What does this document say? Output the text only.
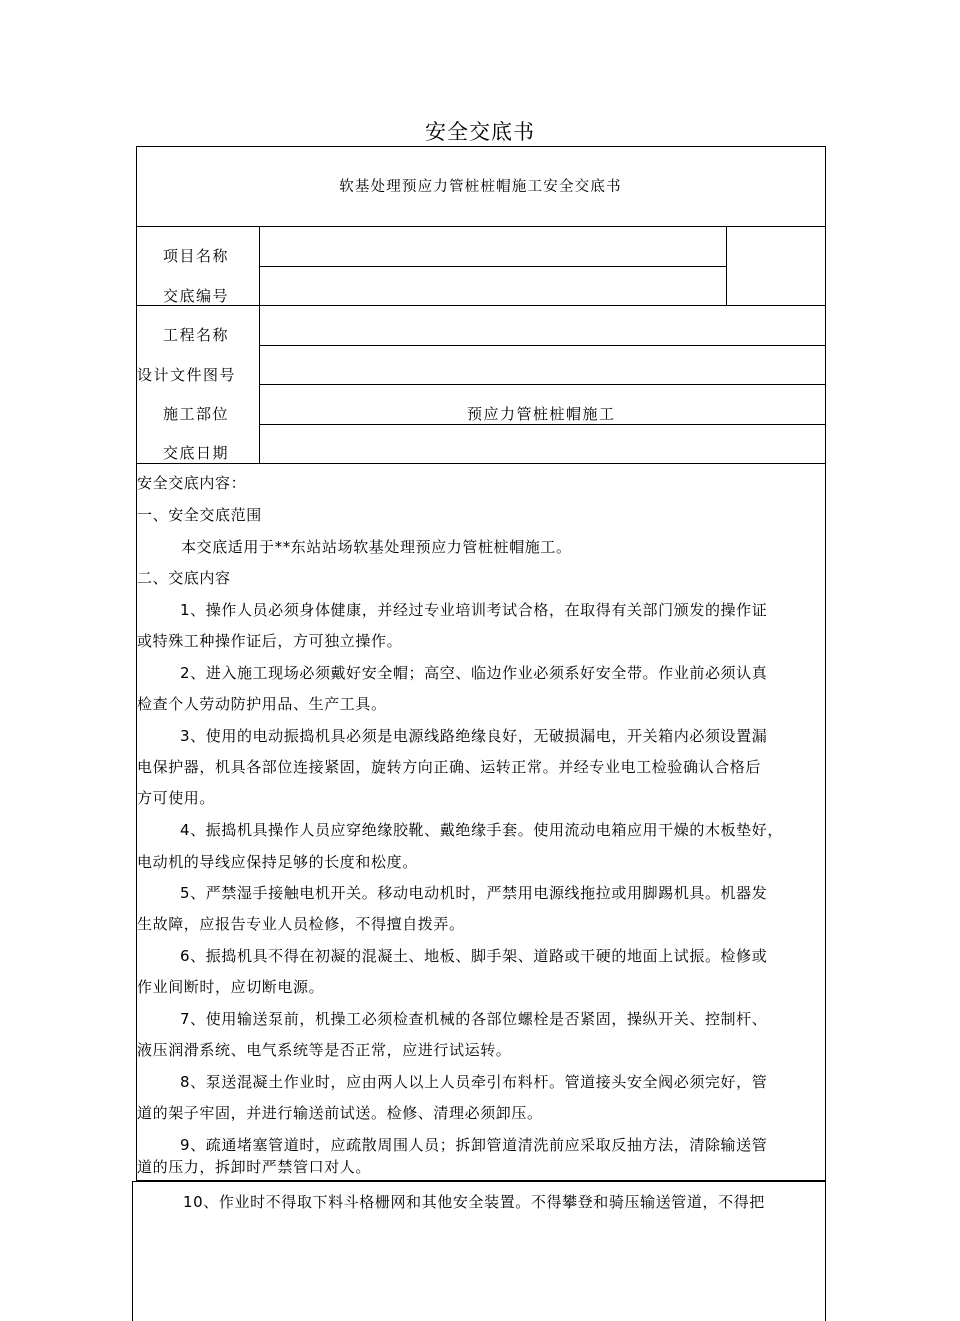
安全交底书
软基处理预应力管桩桩帽施工安全交底书
项目名称
交底编号
工程名称
设计文件图号
施工部位
交底日期
预应力管桩桩帽施工
安全交底内容：
一、安全交底范围
本交底适用于**东站站场软基处理预应力管桩桩帽施工。
二、交底内容
1、操作人员必须身体健康，并经过专业培训考试合格，在取得有关部门颁发的操作证
或特殊工种操作证后，方可独立操作。
2、进入施工现场必须戴好安全帽；高空、临边作业必须系好安全带。作业前必须认真
检查个人劳动防护用品、生产工具。
3、使用的电动振捣机具必须是电源线路绝缘良好，无破损漏电，开关箱内必须设置漏
电保护器，机具各部位连接紧固，旋转方向正确、运转正常。并经专业电工检验确认合格后
方可使用。
4、振捣机具操作人员应穿绝缘胶靴、戴绝缘手套。使用流动电箱应用干燥的木板垫好，
电动机的导线应保持足够的长度和松度。
5、严禁湿手接触电机开关。移动电动机时，严禁用电源线拖拉或用脚踢机具。机器发
生故障，应报告专业人员检修，不得擅自拨弄。
6、振捣机具不得在初凝的混凝土、地板、脚手架、道路或干硬的地面上试振。检修或
作业间断时，应切断电源。
7、使用输送泵前，机操工必须检查机械的各部位螺栓是否紧固，操纵开关、控制杆、
液压润滑系统、电气系统等是否正常，应进行试运转。
8、泵送混凝土作业时，应由两人以上人员牵引布料杆。管道接头安全阀必须完好，管
道的架子牢固，并进行输送前试送。检修、清理必须卸压。
9、疏通堵塞管道时，应疏散周围人员；拆卸管道清洗前应采取反抽方法，清除输送管
道的压力，拆卸时严禁管口对人。
10、作业时不得取下料斗格栅网和其他安全装置。不得攀登和骑压输送管道，不得把
